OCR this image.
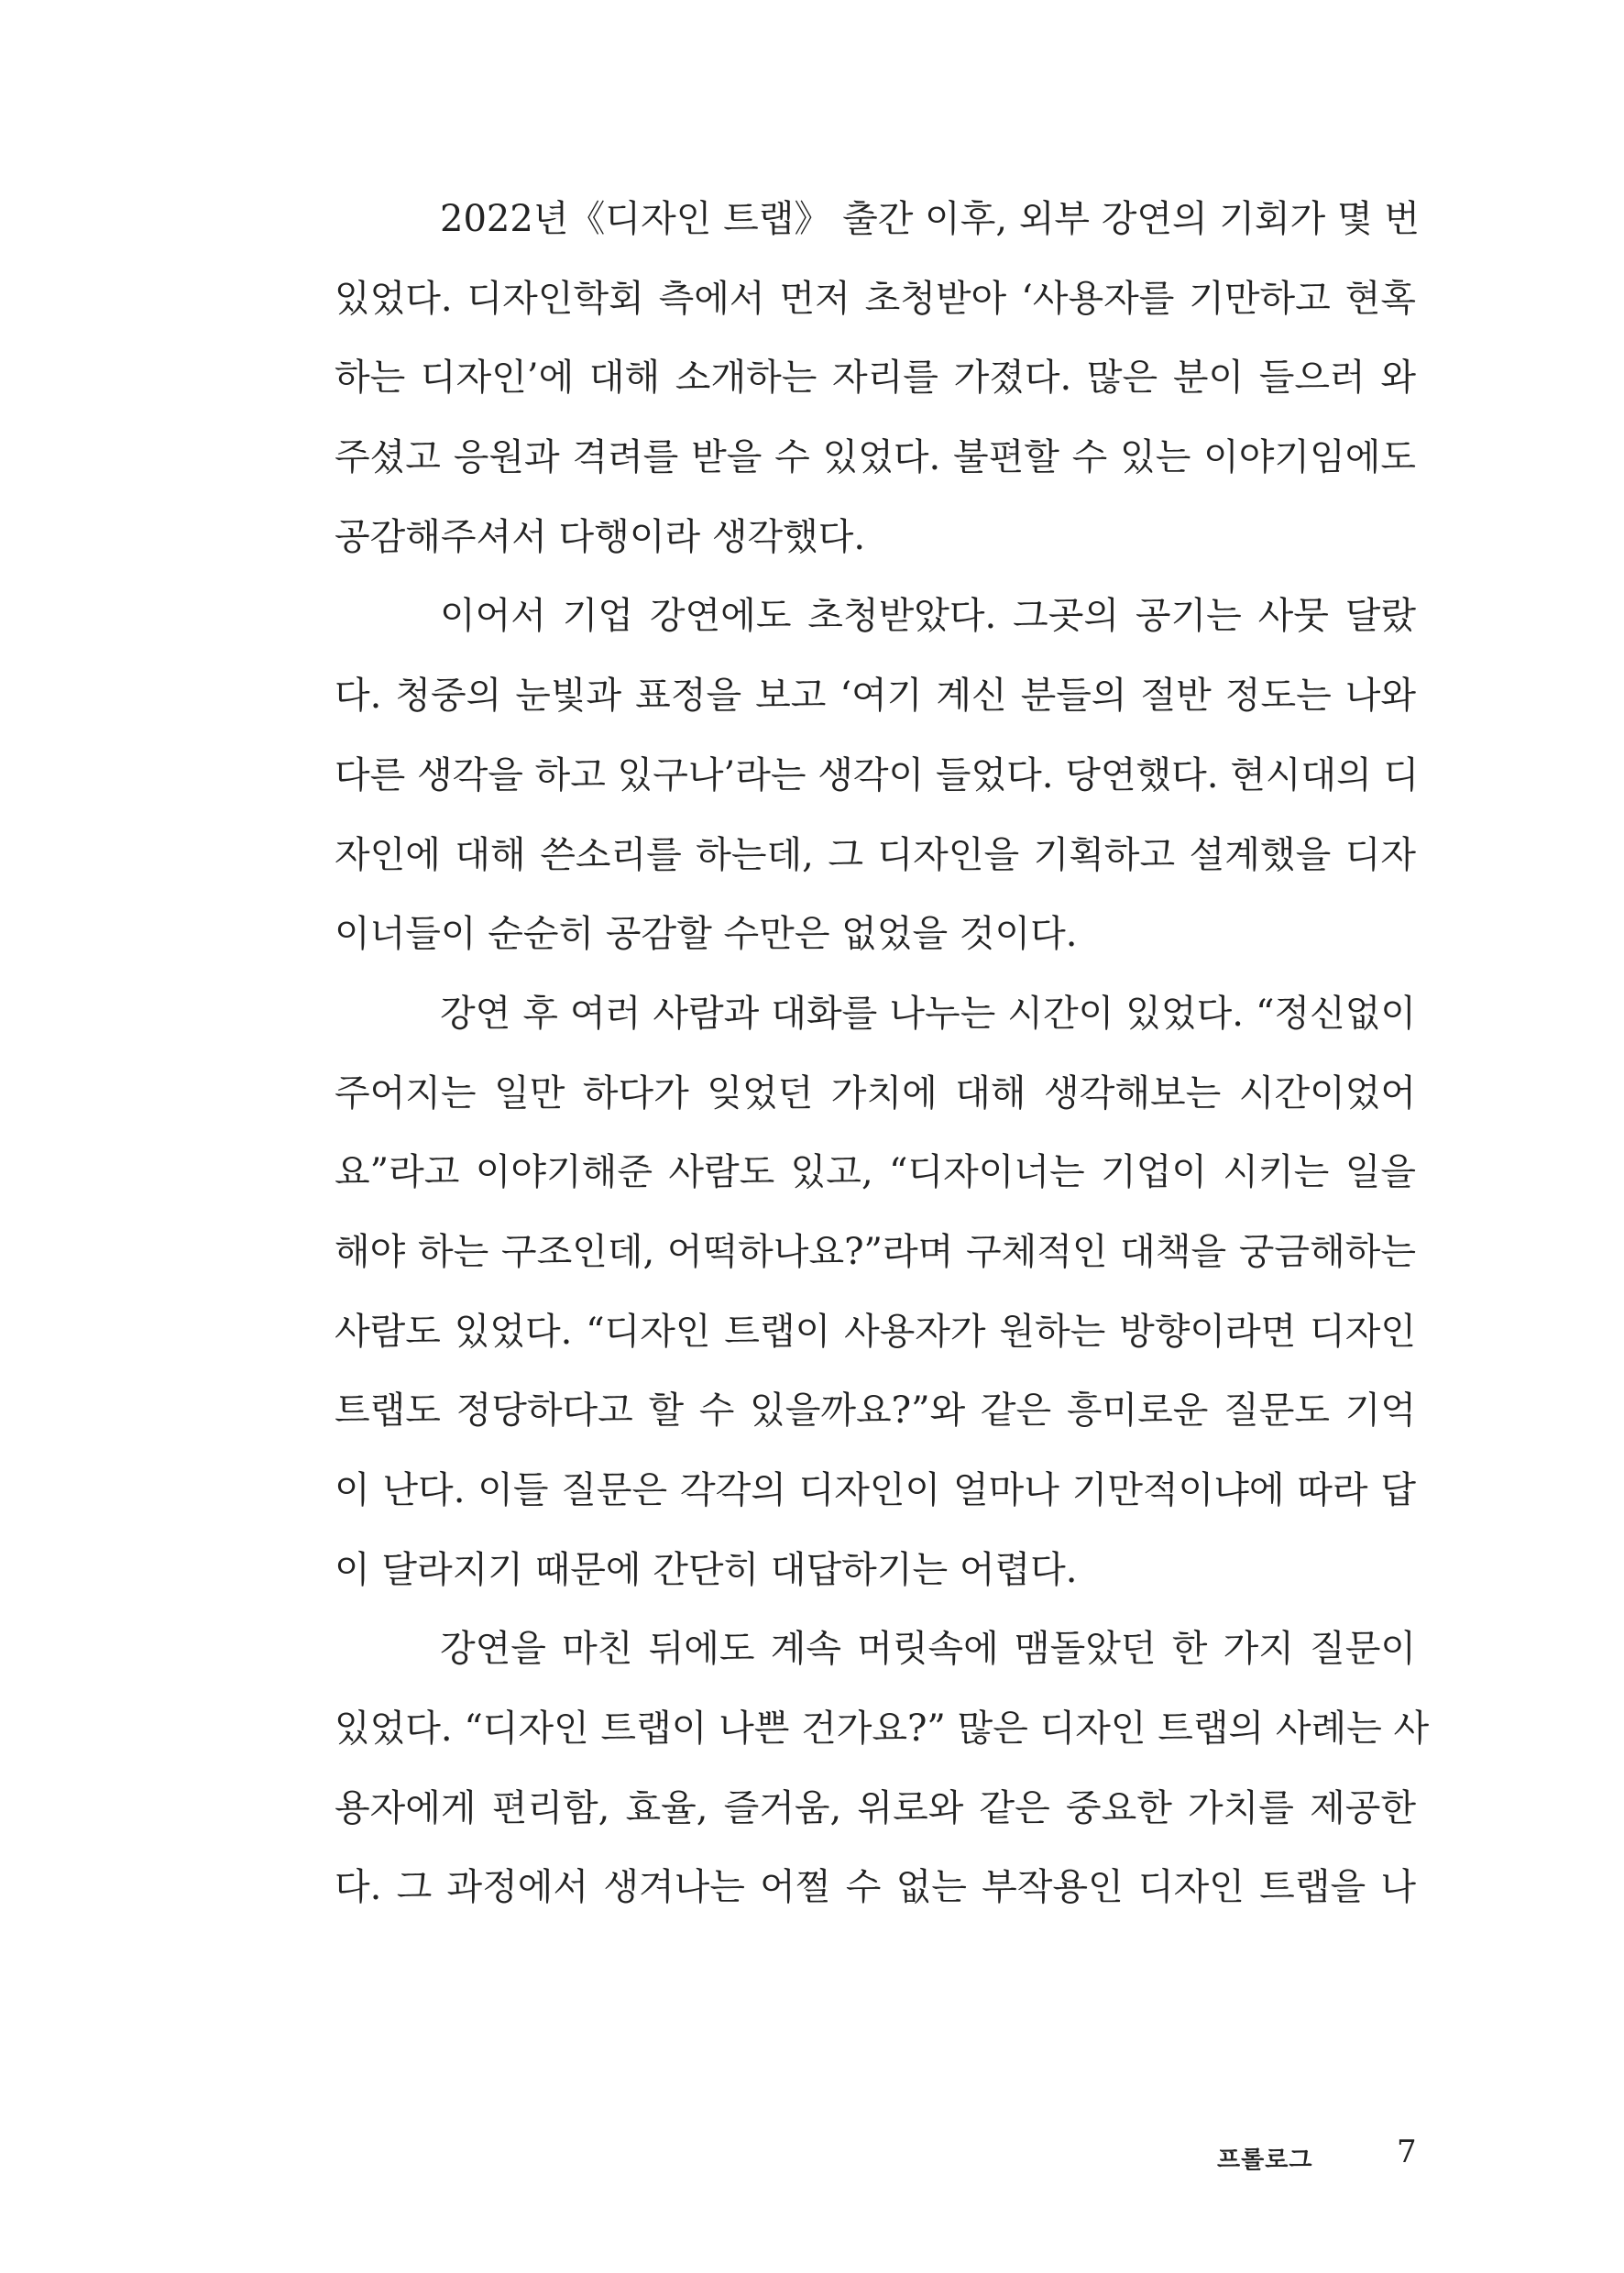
2022년《디자인 트랩》 출간 이후, 외부 강연의 기회가 몇 번
있었다. 디자인학회 측에서 먼저 초청받아 ‘사용자를 기만하고 현혹
하는 디자인’에 대해 소개하는 자리를 가졌다. 많은 분이 들으러 와
주셨고 응원과 격려를 받을 수 있었다. 불편할 수 있는 이야기임에도
공감해주셔서 다행이라 생각했다.
이어서 기업 강연에도 초청받았다. 그곳의 공기는 사뭇 달랐
다. 청중의 눈빛과 표정을 보고 ‘여기 계신 분들의 절반 정도는 나와
다른 생각을 하고 있구나’라는 생각이 들었다. 당연했다. 현시대의 디
자인에 대해 쓴소리를 하는데, 그 디자인을 기획하고 설계했을 디자
이너들이 순순히 공감할 수만은 없었을 것이다.
강연 후 여러 사람과 대화를 나누는 시간이 있었다. “정신없이
주어지는 일만 하다가 잊었던 가치에 대해 생각해보는 시간이었어
요”라고 이야기해준 사람도 있고, “디자이너는 기업이 시키는 일을
해야 하는 구조인데, 어떡하나요?”라며 구체적인 대책을 궁금해하는
사람도 있었다. “디자인 트랩이 사용자가 원하는 방향이라면 디자인
트랩도 정당하다고 할 수 있을까요?”와 같은 흥미로운 질문도 기억
이 난다. 이들 질문은 각각의 디자인이 얼마나 기만적이냐에 따라 답
이 달라지기 때문에 간단히 대답하기는 어렵다.
강연을 마친 뒤에도 계속 머릿속에 맴돌았던 한 가지 질문이
있었다. “디자인 트랩이 나쁜 건가요?” 많은 디자인 트랩의 사례는 사
용자에게 편리함, 효율, 즐거움, 위로와 같은 중요한 가치를 제공한
다. 그 과정에서 생겨나는 어쩔 수 없는 부작용인 디자인 트랩을 나
프롤로그	7
